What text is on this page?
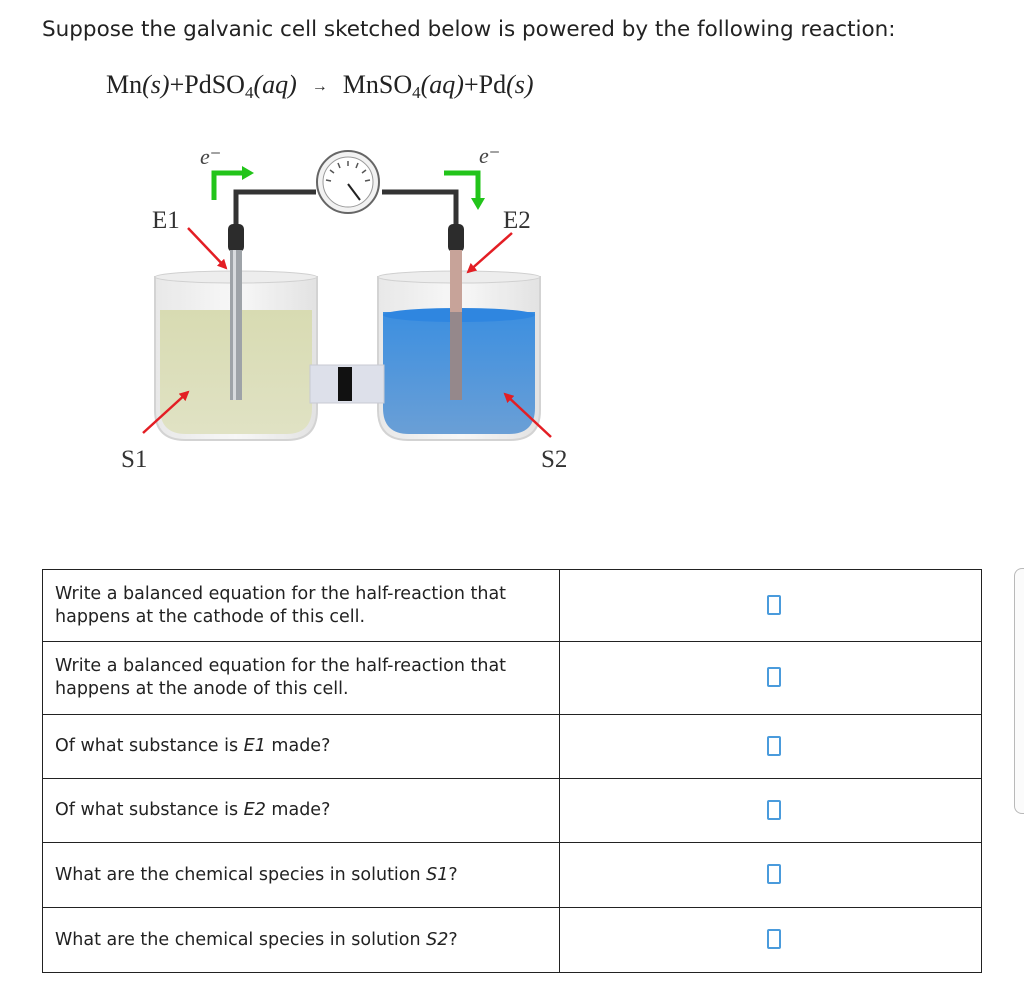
Suppose the galvanic cell sketched below is powered by the following reaction:
Mn(s)+PdSO$_4$(aq) → MnSO$_4$(aq)+Pd(s)
e⁻	e⁻
E1	E2
S1	S2
Write a balanced equation for the half-reaction that happens at the cathode of this cell.	

Write a balanced equation for the half-reaction that happens at the anode of this cell.	

Of what substance is E1 made?	

Of what substance is E2 made?	

What are the chemical species in solution S1?	

What are the chemical species in solution S2?	
